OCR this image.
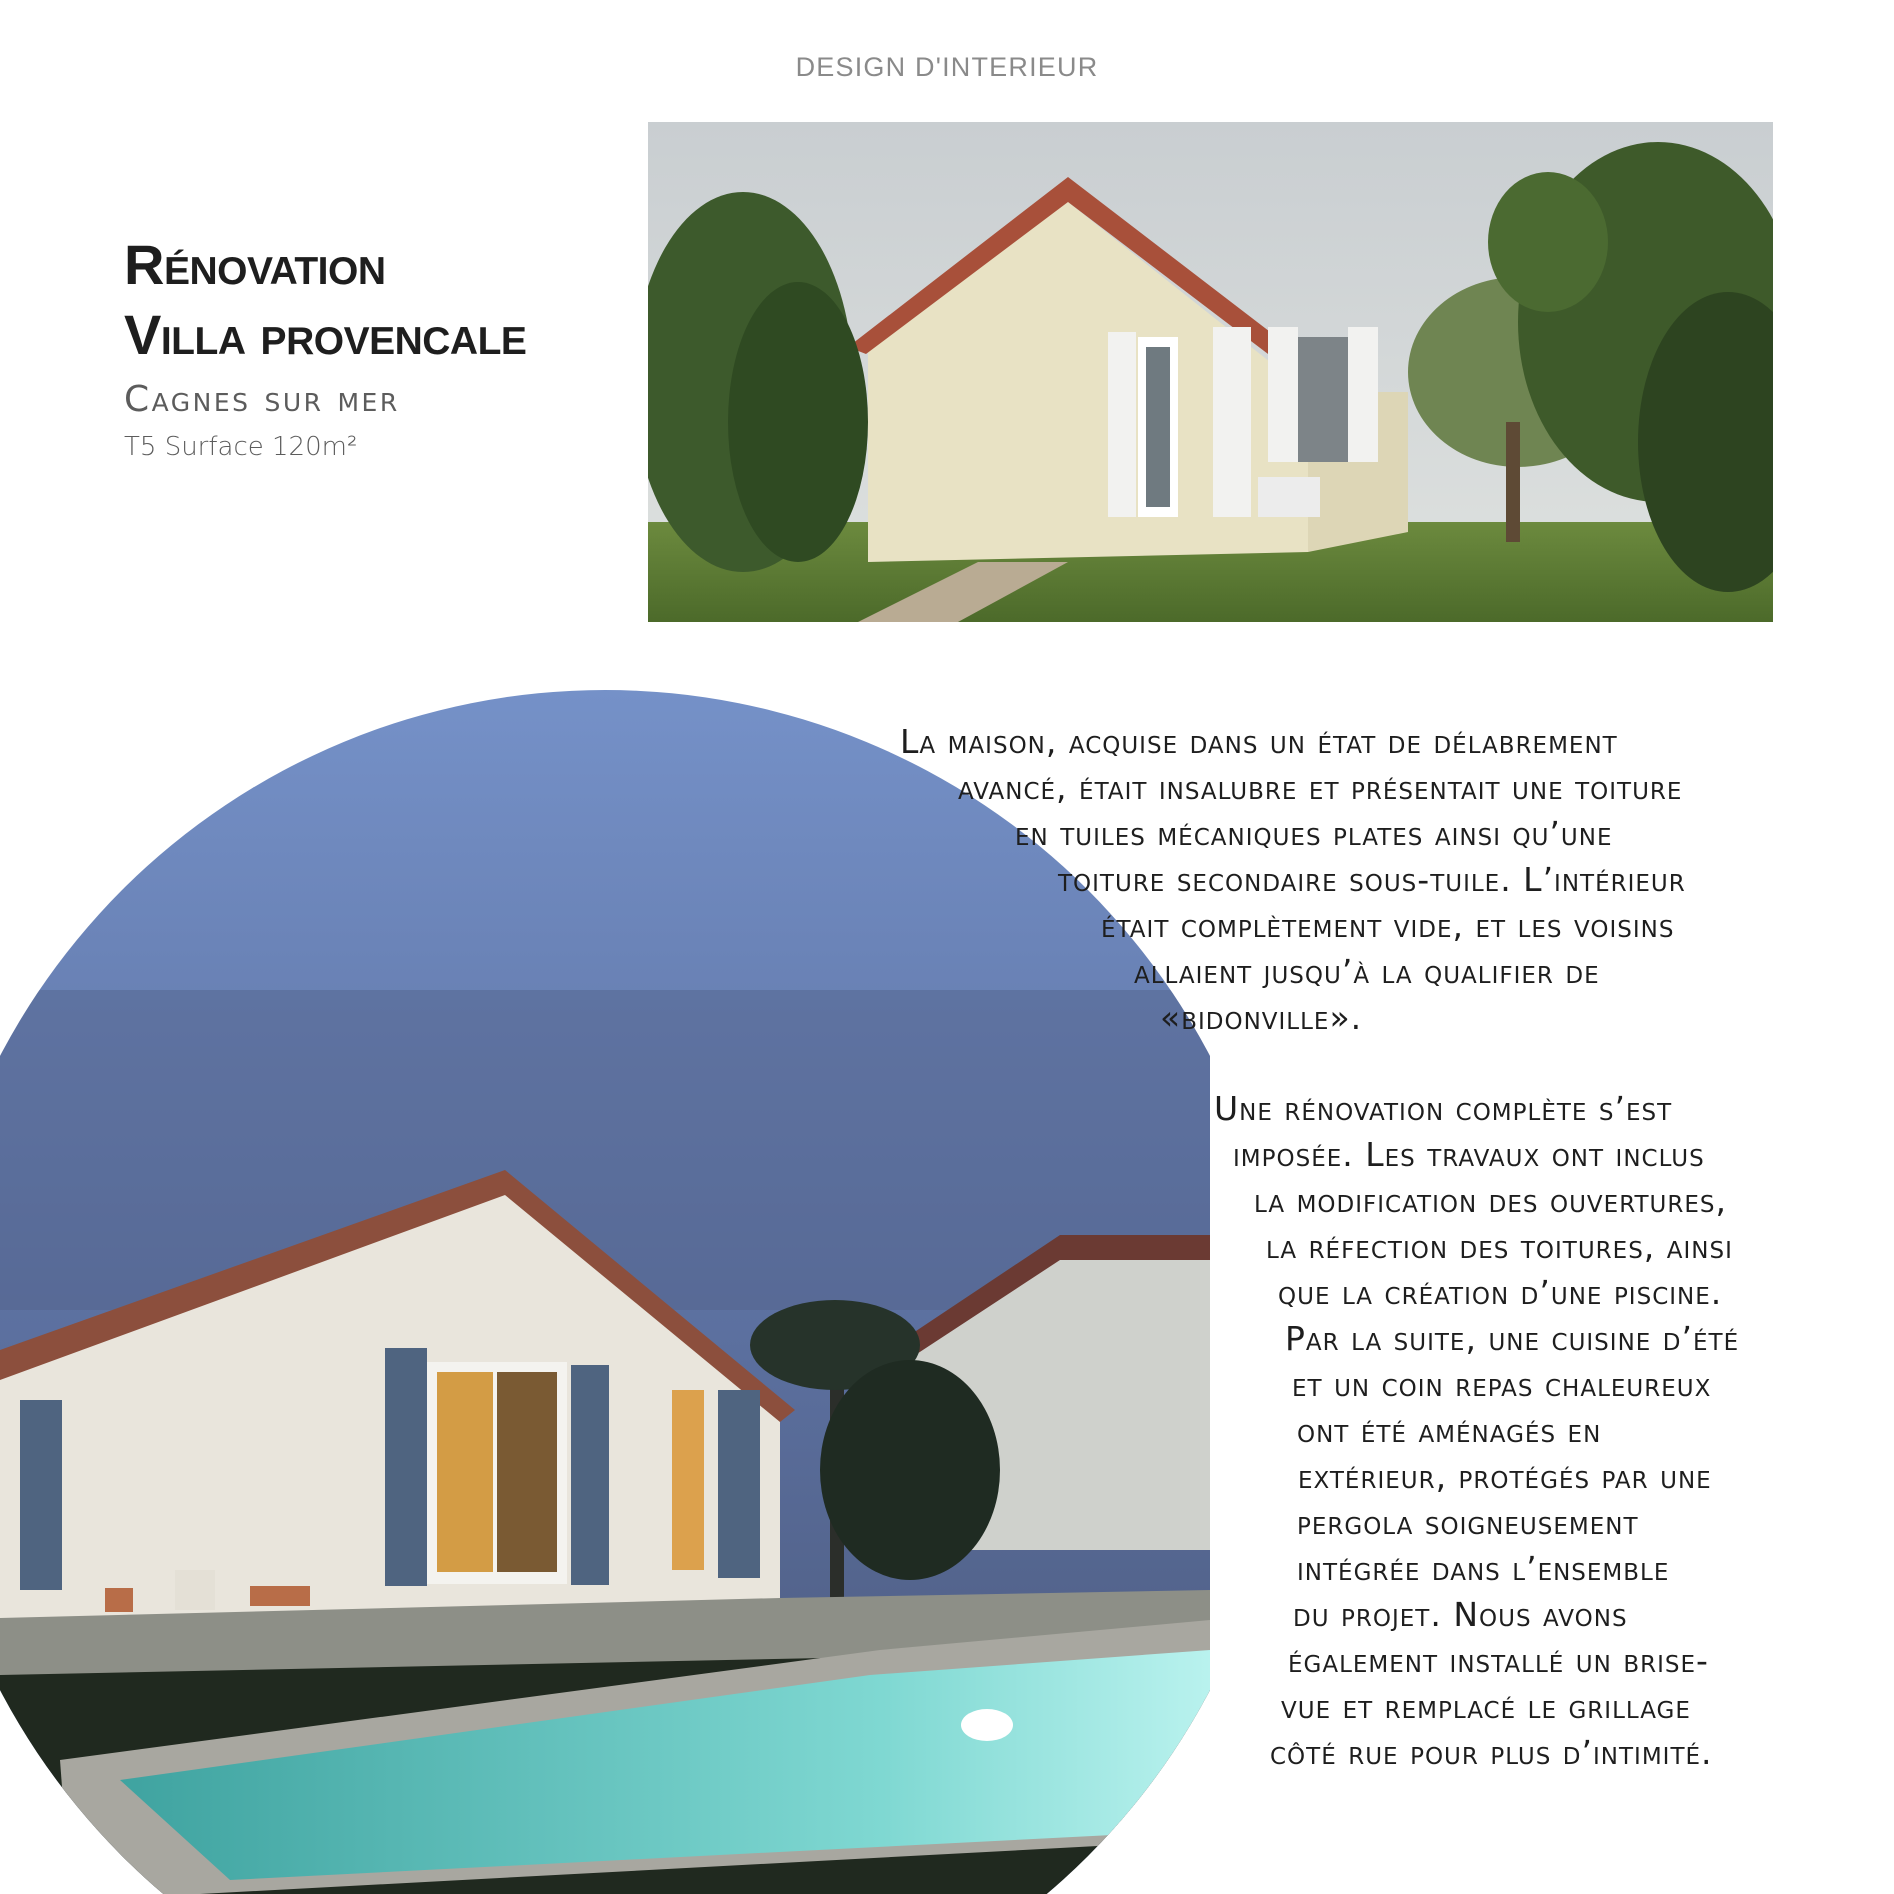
DESIGN D'INTERIEUR
Rénovation
Villa provencale
Cagnes sur mer
T5 Surface 120m²
La maison, acquise dans un état de délabrement
avancé, était insalubre et présentait une toiture
en tuiles mécaniques plates ainsi qu’une
toiture secondaire sous-tuile. L’intérieur
était complètement vide, et les voisins
allaient jusqu’à la qualifier de
«bidonville».
Une rénovation complète s’est
imposée. Les travaux ont inclus
la modification des ouvertures,
la réfection des toitures, ainsi
que la création d’une piscine.
Par la suite, une cuisine d’été
et un coin repas chaleureux
ont été aménagés en
extérieur, protégés par une
pergola soigneusement
intégrée dans l’ensemble
du projet. Nous avons
également installé un brise-
vue et remplacé le grillage
côté rue pour plus d’intimité.
